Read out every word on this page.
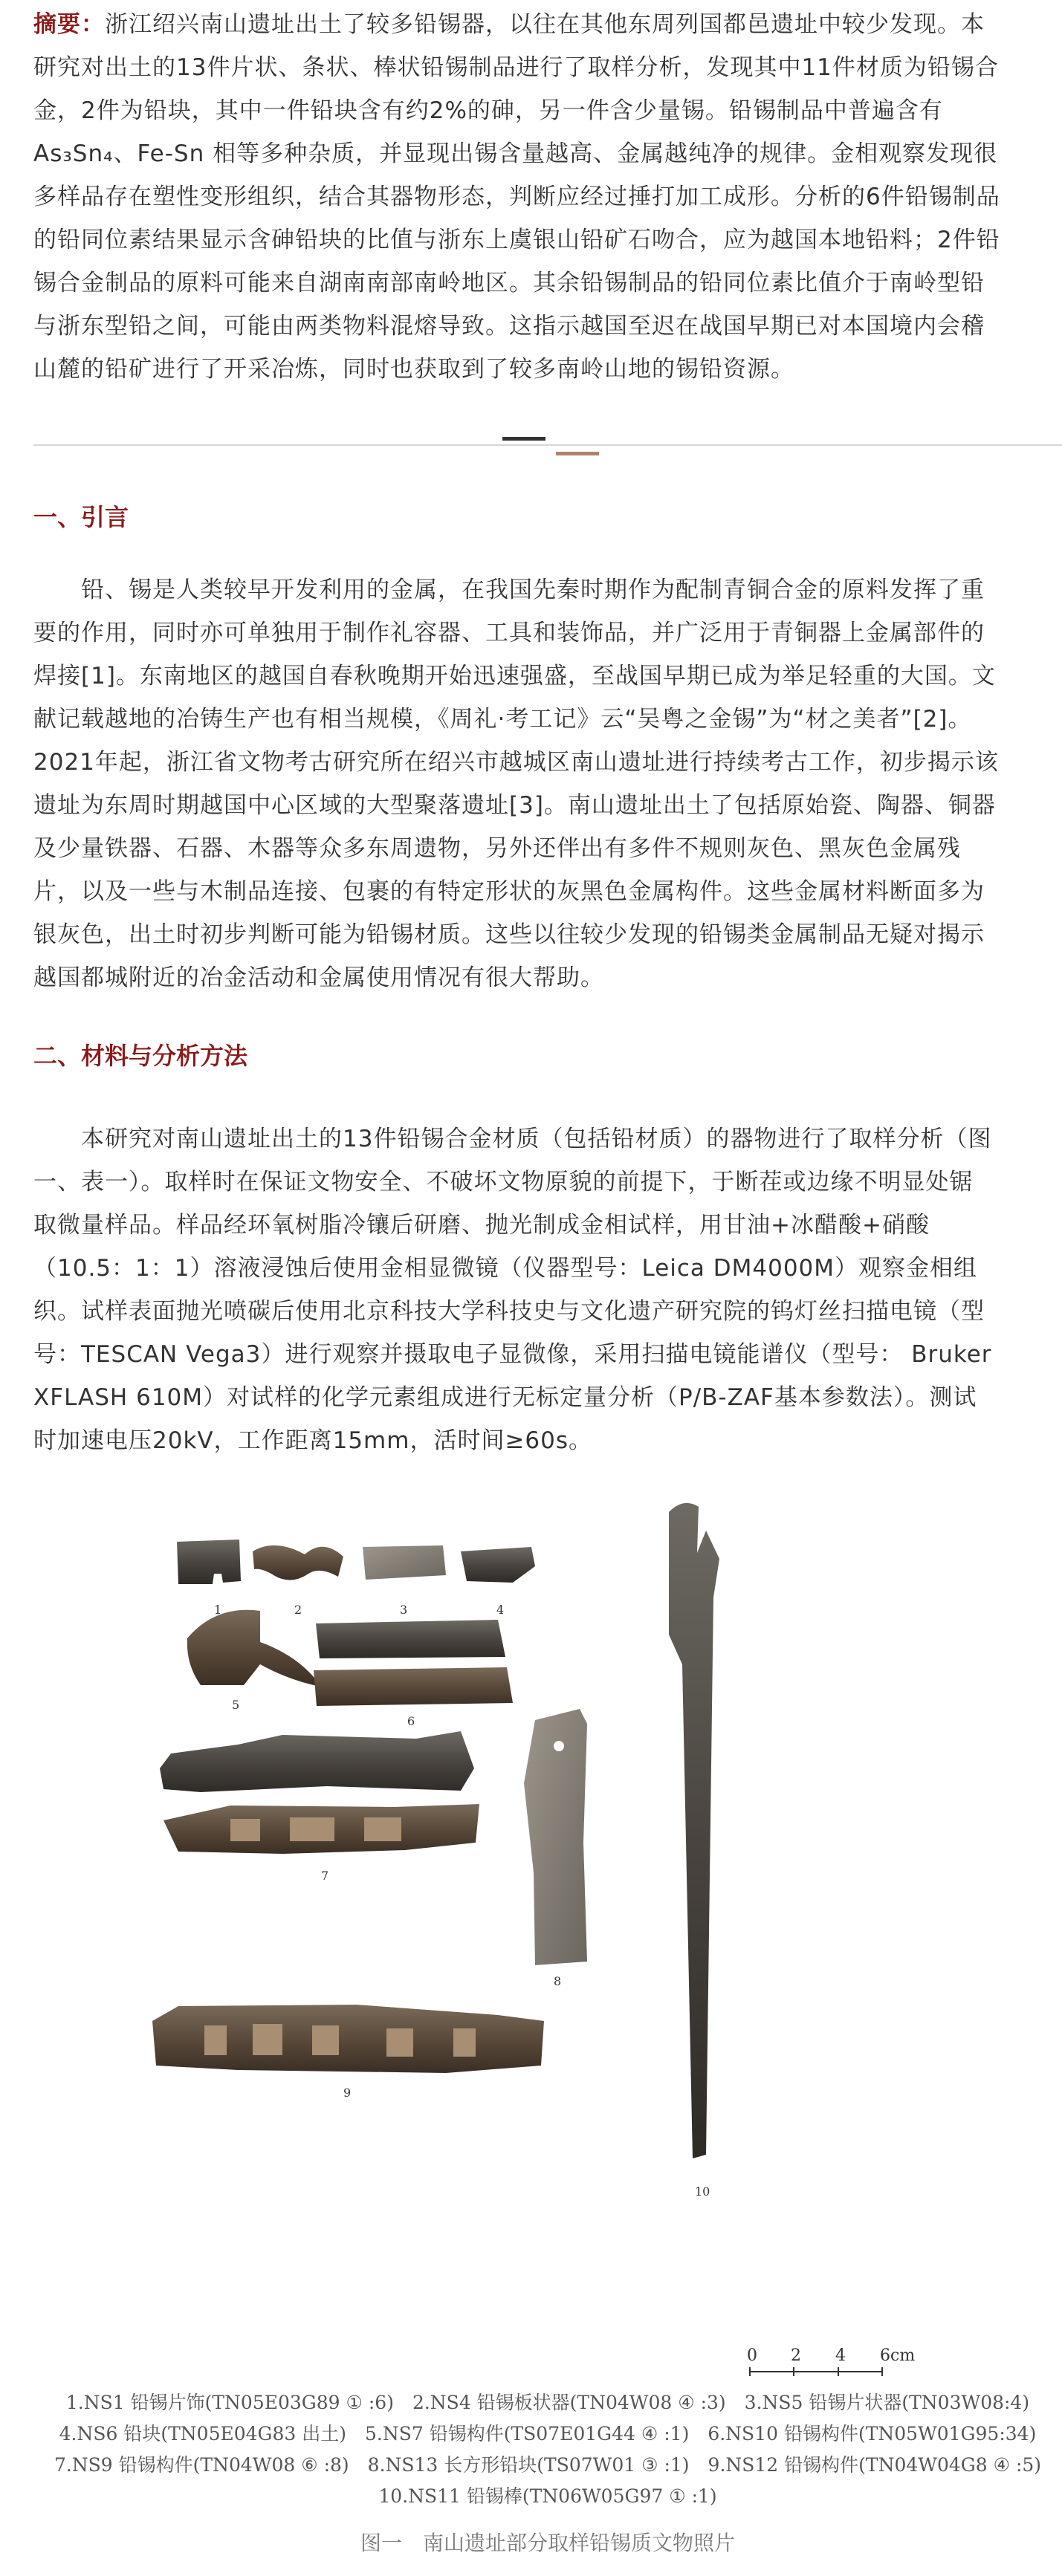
摘要：浙江绍兴南山遗址出土了较多铅锡器，以往在其他东周列国都邑遗址中较少发现。本
研究对出土的13件片状、条状、棒状铅锡制品进行了取样分析，发现其中11件材质为铅锡合
金，2件为铅块，其中一件铅块含有约2%的砷，另一件含少量锡。铅锡制品中普遍含有
As₃Sn₄、Fe-Sn 相等多种杂质，并显现出锡含量越高、金属越纯净的规律。金相观察发现很
多样品存在塑性变形组织，结合其器物形态，判断应经过捶打加工成形。分析的6件铅锡制品
的铅同位素结果显示含砷铅块的比值与浙东上虞银山铅矿石吻合，应为越国本地铅料；2件铅
锡合金制品的原料可能来自湖南南部南岭地区。其余铅锡制品的铅同位素比值介于南岭型铅
与浙东型铅之间，可能由两类物料混熔导致。这指示越国至迟在战国早期已对本国境内会稽
山麓的铅矿进行了开采冶炼，同时也获取到了较多南岭山地的锡铅资源。
一、引言
　　铅、锡是人类较早开发利用的金属，在我国先秦时期作为配制青铜合金的原料发挥了重
要的作用，同时亦可单独用于制作礼容器、工具和装饰品，并广泛用于青铜器上金属部件的
焊接[1]。东南地区的越国自春秋晚期开始迅速强盛，至战国早期已成为举足轻重的大国。文
献记载越地的冶铸生产也有相当规模，《周礼·考工记》云“吴粤之金锡”为“材之美者”[2]。
2021年起，浙江省文物考古研究所在绍兴市越城区南山遗址进行持续考古工作，初步揭示该
遗址为东周时期越国中心区域的大型聚落遗址[3]。南山遗址出土了包括原始瓷、陶器、铜器
及少量铁器、石器、木器等众多东周遗物，另外还伴出有多件不规则灰色、黑灰色金属残
片，以及一些与木制品连接、包裹的有特定形状的灰黑色金属构件。这些金属材料断面多为
银灰色，出土时初步判断可能为铅锡材质。这些以往较少发现的铅锡类金属制品无疑对揭示
越国都城附近的冶金活动和金属使用情况有很大帮助。
二、材料与分析方法
　　本研究对南山遗址出土的13件铅锡合金材质（包括铅材质）的器物进行了取样分析（图
一、表一）。取样时在保证文物安全、不破坏文物原貌的前提下，于断茬或边缘不明显处锯
取微量样品。样品经环氧树脂冷镶后研磨、抛光制成金相试样，用甘油+冰醋酸+硝酸
（10.5：1：1）溶液浸蚀后使用金相显微镜（仪器型号：Leica DM4000M）观察金相组
织。试样表面抛光喷碳后使用北京科技大学科技史与文化遗产研究院的钨灯丝扫描电镜（型
号：TESCAN Vega3）进行观察并摄取电子显微像，采用扫描电镜能谱仪（型号： Bruker
XFLASH 610M）对试样的化学元素组成进行无标定量分析（P/B-ZAF基本参数法）。测试
时加速电压20kV，工作距离15mm，活时间≥60s。
1	2	3	4
5
6
7
8
9
10
0 2 4 6cm
1.NS1 铅锡片饰(TN05E03G89 ① :6)　2.NS4 铅锡板状器(TN04W08 ④ :3)　3.NS5 铅锡片状器(TN03W08:4)
4.NS6 铅块(TN05E04G83 出土)　5.NS7 铅锡构件(TS07E01G44 ④ :1)　6.NS10 铅锡构件(TN05W01G95:34)
7.NS9 铅锡构件(TN04W08 ⑥ :8)　8.NS13 长方形铅块(TS07W01 ③ :1)　9.NS12 铅锡构件(TN04W04G8 ④ :5)
10.NS11 铅锡棒(TN06W05G97 ① :1)
图一　南山遗址部分取样铅锡质文物照片
